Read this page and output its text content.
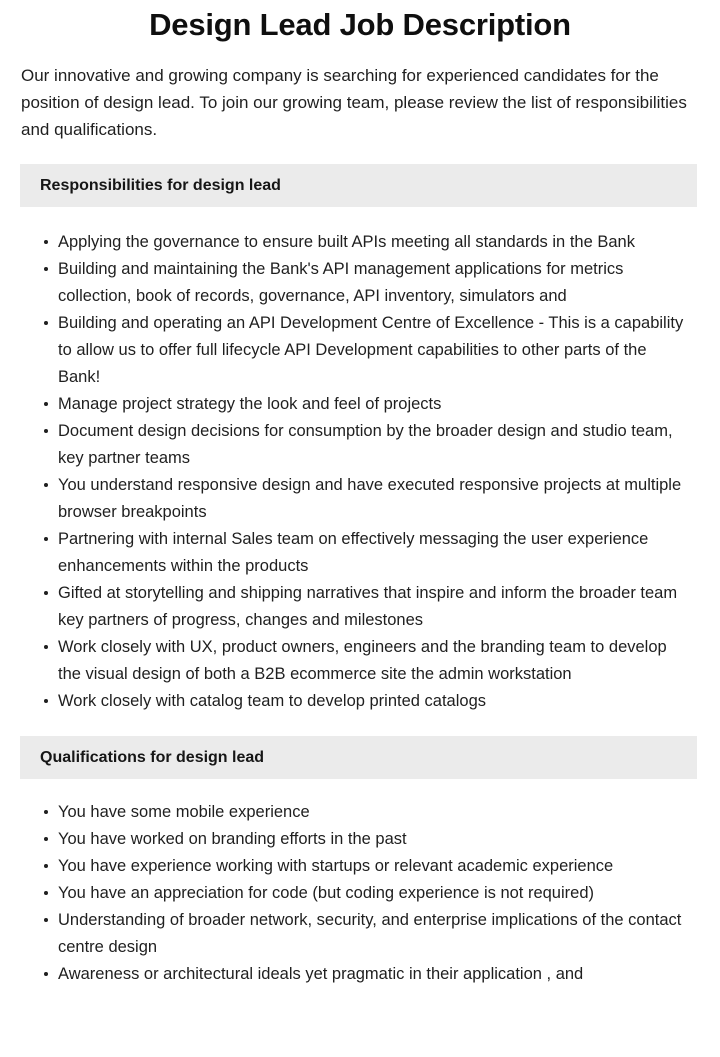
Design Lead Job Description

Our innovative and growing company is searching for experienced candidates for the position of design lead. To join our growing team, please review the list of responsibilities and qualifications.

Responsibilities for design lead
Applying the governance to ensure built APIs meeting all standards in the Bank
Building and maintaining the Bank's API management applications for metrics collection, book of records, governance, API inventory, simulators and
Building and operating an API Development Centre of Excellence - This is a capability to allow us to offer full lifecycle API Development capabilities to other parts of the Bank!
Manage project strategy the look and feel of projects
Document design decisions for consumption by the broader design and studio team, key partner teams
You understand responsive design and have executed responsive projects at multiple browser breakpoints
Partnering with internal Sales team on effectively messaging the user experience enhancements within the products
Gifted at storytelling and shipping narratives that inspire and inform the broader team key partners of progress, changes and milestones
Work closely with UX, product owners, engineers and the branding team to develop the visual design of both a B2B ecommerce site the admin workstation
Work closely with catalog team to develop printed catalogs
Qualifications for design lead
You have some mobile experience
You have worked on branding efforts in the past
You have experience working with startups or relevant academic experience
You have an appreciation for code (but coding experience is not required)
Understanding of broader network, security, and enterprise implications of the contact centre design
Awareness or architectural ideals yet pragmatic in their application , and
